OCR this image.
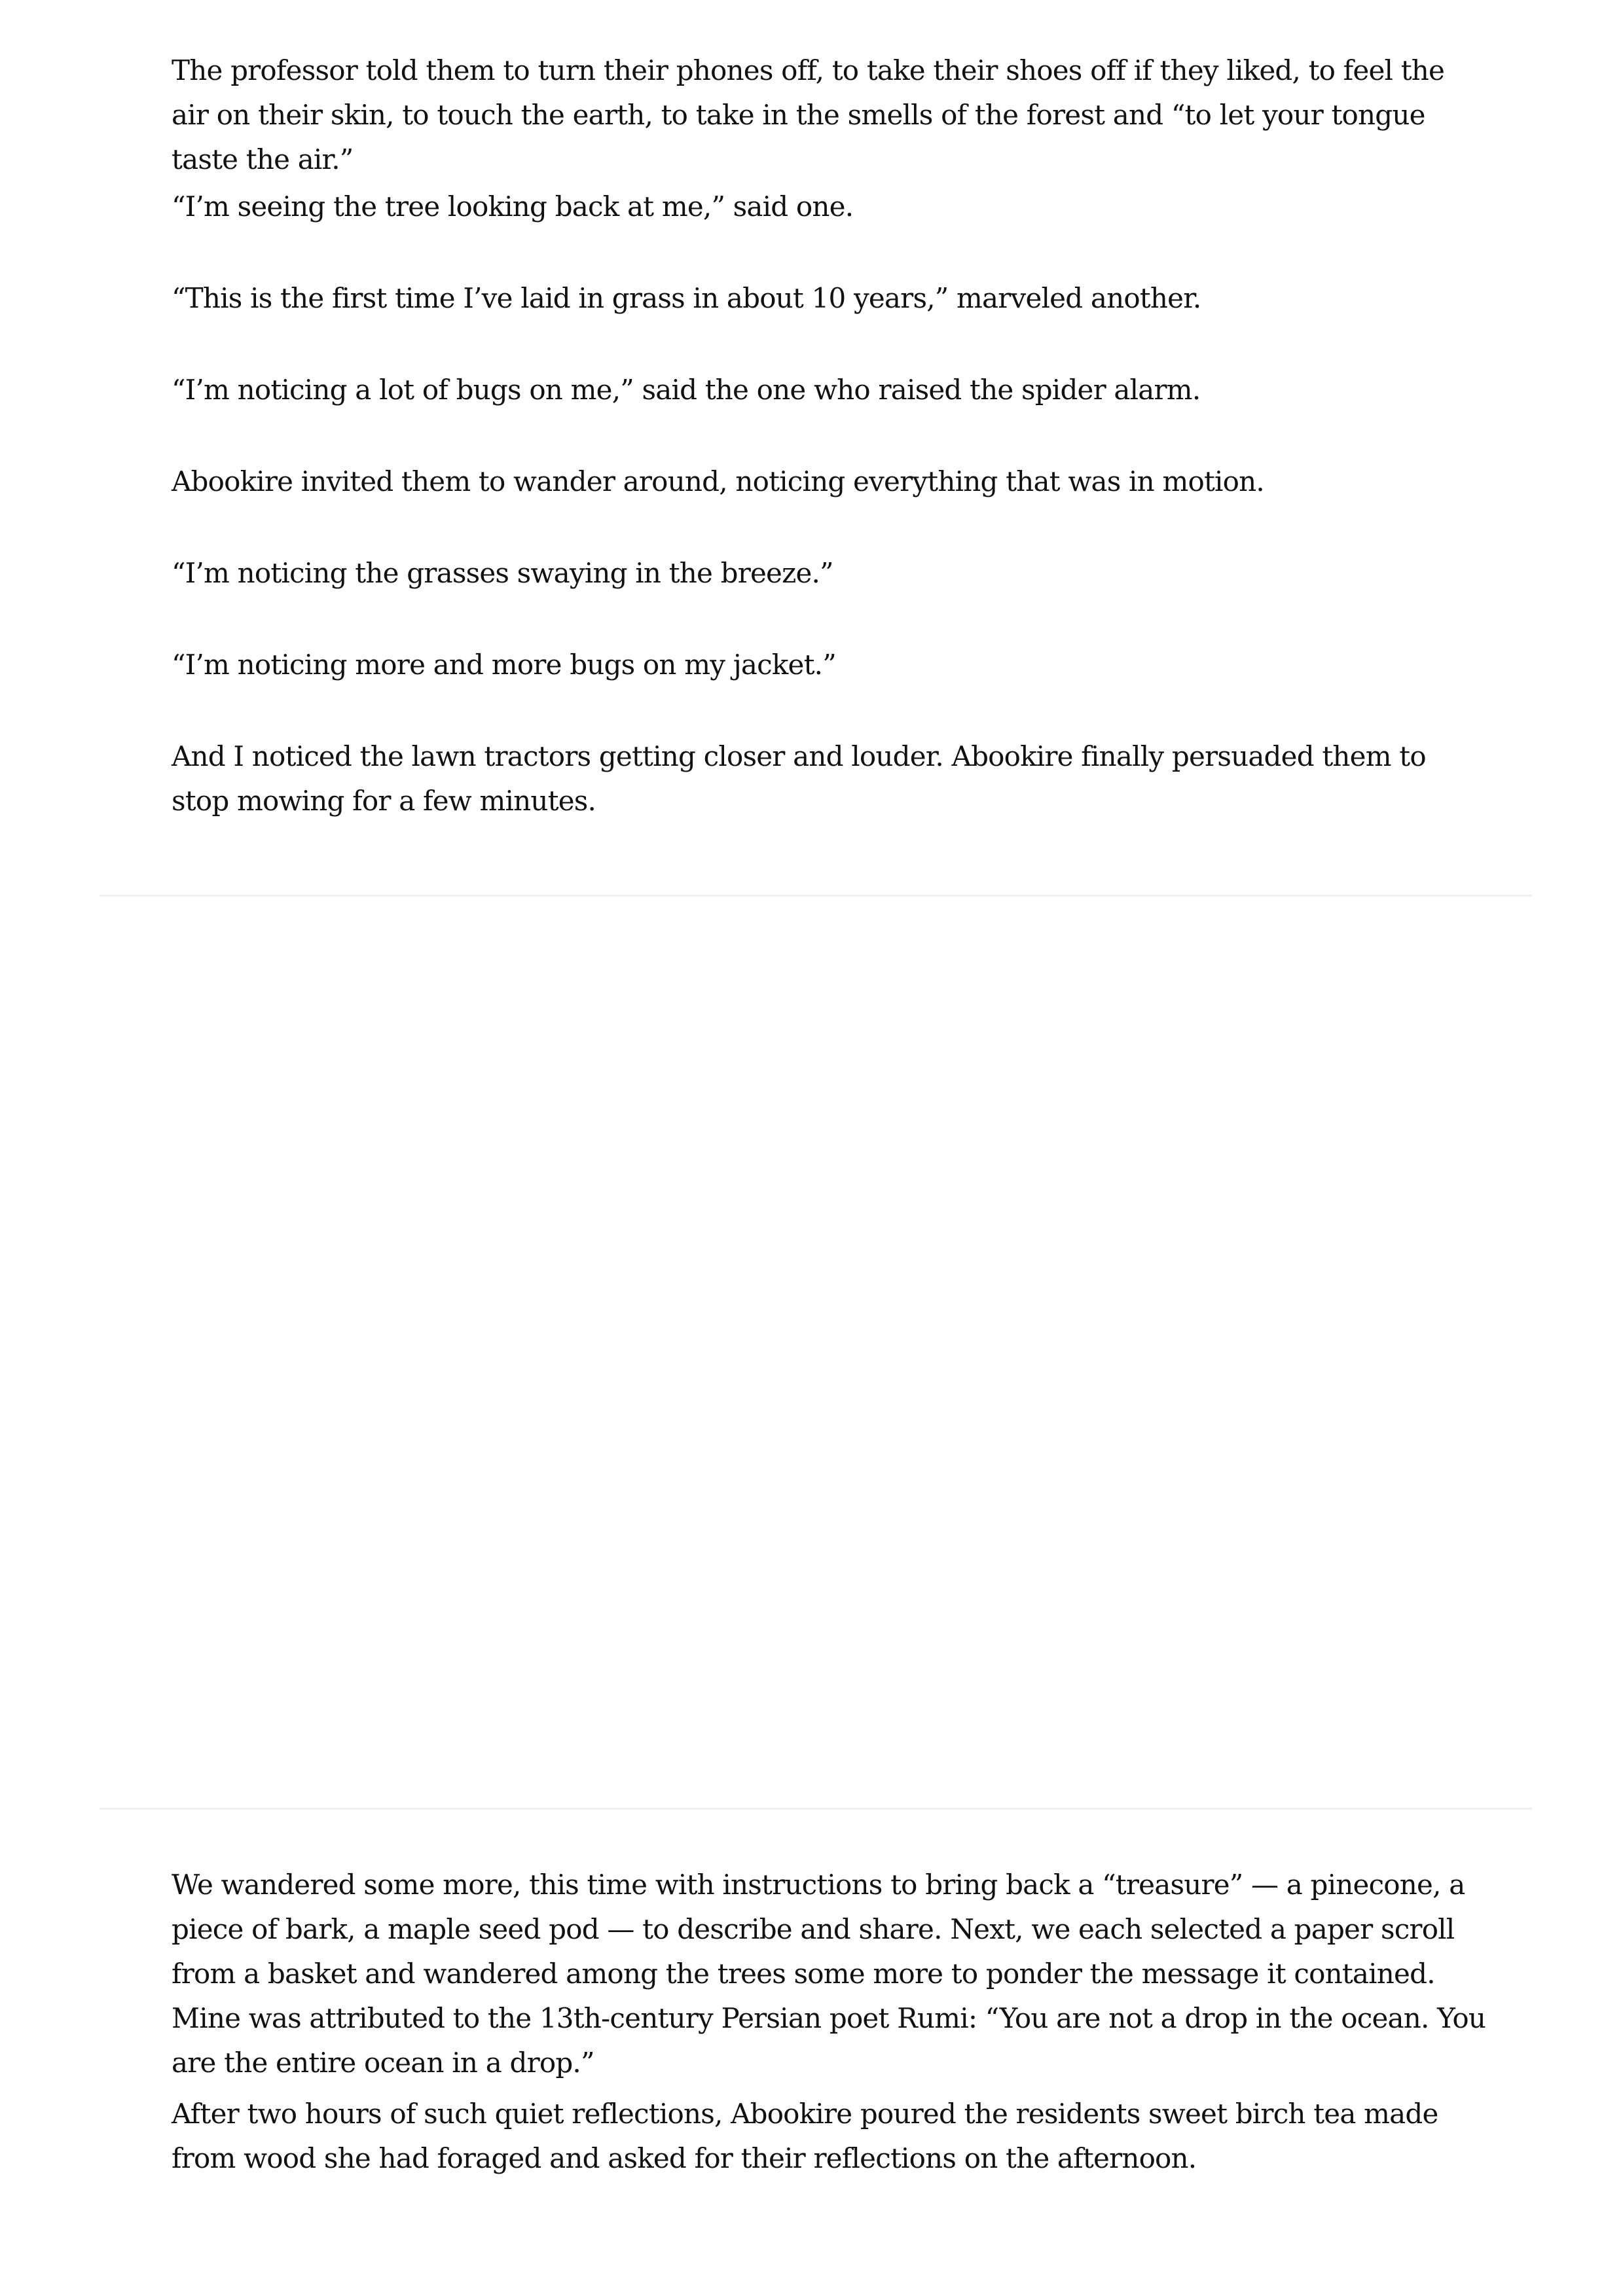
The professor told them to turn their phones off, to take their shoes off if they liked, to feel the air on their skin, to touch the earth, to take in the smells of the forest and “to let your tongue taste the air.”

“I’m seeing the tree looking back at me,” said one.

“This is the first time I’ve laid in grass in about 10 years,” marveled another.

“I’m noticing a lot of bugs on me,” said the one who raised the spider alarm.

Abookire invited them to wander around, noticing everything that was in motion.

“I’m noticing the grasses swaying in the breeze.”

“I’m noticing more and more bugs on my jacket.”

And I noticed the lawn tractors getting closer and louder. Abookire finally persuaded them to stop mowing for a few minutes.

We wandered some more, this time with instructions to bring back a “treasure” — a pinecone, a piece of bark, a maple seed pod — to describe and share. Next, we each selected a paper scroll from a basket and wandered among the trees some more to ponder the message it contained. Mine was attributed to the 13th-century Persian poet Rumi: “You are not a drop in the ocean. You are the entire ocean in a drop.”

After two hours of such quiet reflections, Abookire poured the residents sweet birch tea made from wood she had foraged and asked for their reflections on the afternoon.
